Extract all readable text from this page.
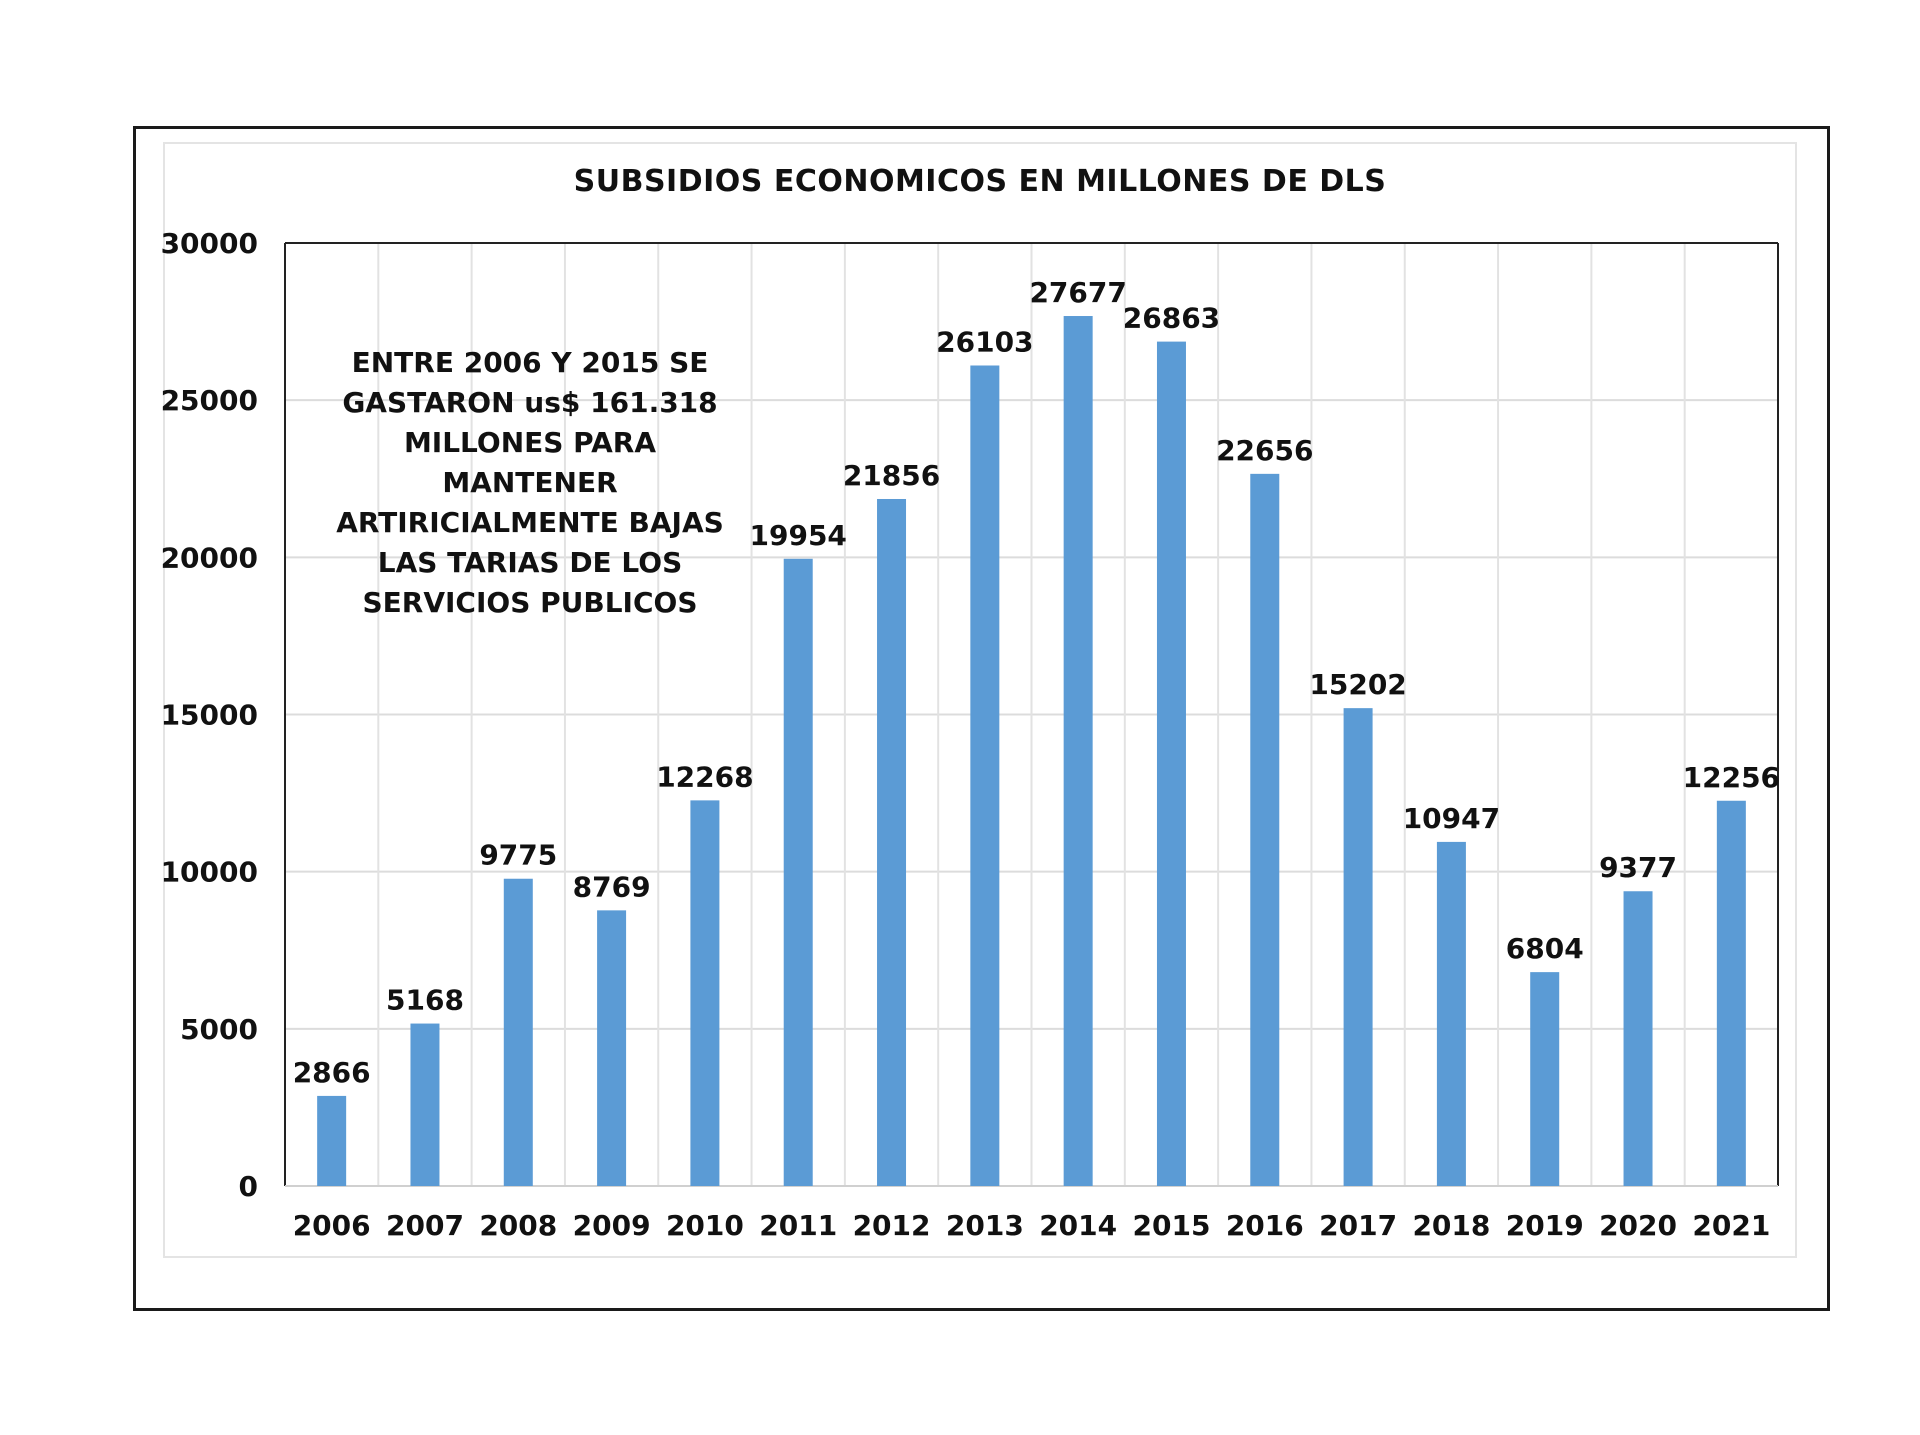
SUBSIDIOS ECONOMICOS EN MILLONES DE DLS
0
5000
10000
15000
20000
25000
30000
2866
2006
5168
2007
9775
2008
8769
2009
12268
2010
19954
2011
21856
2012
26103
2013
27677
2014
26863
2015
22656
2016
15202
2017
10947
2018
6804
2019
9377
2020
12256
2021
ENTRE 2006 Y 2015 SE
GASTARON us$ 161.318
MILLONES PARA
MANTENER
ARTIRICIALMENTE BAJAS
LAS TARIAS DE LOS
SERVICIOS PUBLICOS
